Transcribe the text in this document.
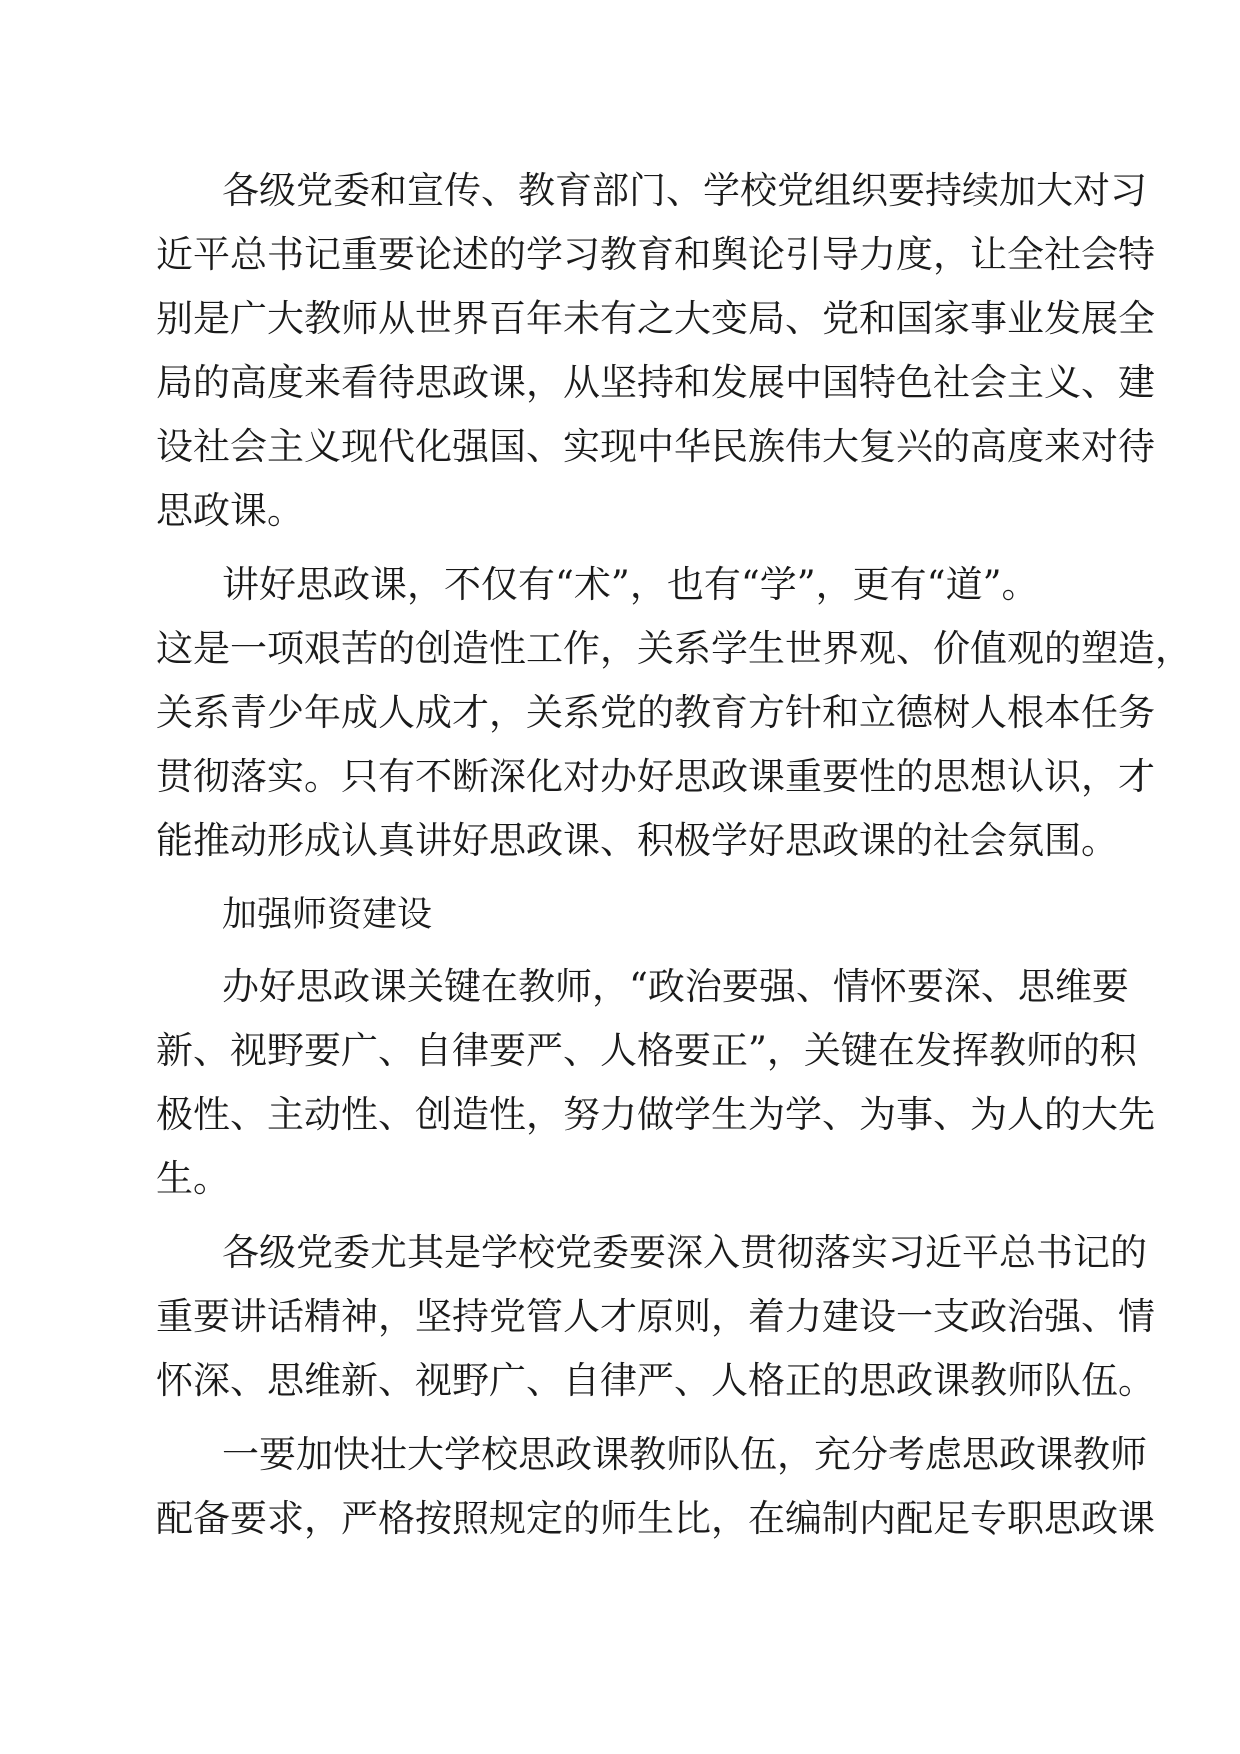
各级党委和宣传、教育部门、学校党组织要持续加大对习

近平总书记重要论述的学习教育和舆论引导力度，让全社会特

别是广大教师从世界百年未有之大变局、党和国家事业发展全

局的高度来看待思政课，从坚持和发展中国特色社会主义、建

设社会主义现代化强国、实现中华民族伟大复兴的高度来对待

思政课。

讲好思政课，不仅有“术”，也有“学”，更有“道”。

这是一项艰苦的创造性工作，关系学生世界观、价值观的塑造，

关系青少年成人成才，关系党的教育方针和立德树人根本任务

贯彻落实。只有不断深化对办好思政课重要性的思想认识，才

能推动形成认真讲好思政课、积极学好思政课的社会氛围。

加强师资建设

办好思政课关键在教师，“政治要强、情怀要深、思维要

新、视野要广、自律要严、人格要正”，关键在发挥教师的积

极性、主动性、创造性，努力做学生为学、为事、为人的大先

生。

各级党委尤其是学校党委要深入贯彻落实习近平总书记的

重要讲话精神，坚持党管人才原则，着力建设一支政治强、情

怀深、思维新、视野广、自律严、人格正的思政课教师队伍。

一要加快壮大学校思政课教师队伍，充分考虑思政课教师

配备要求，严格按照规定的师生比，在编制内配足专职思政课
